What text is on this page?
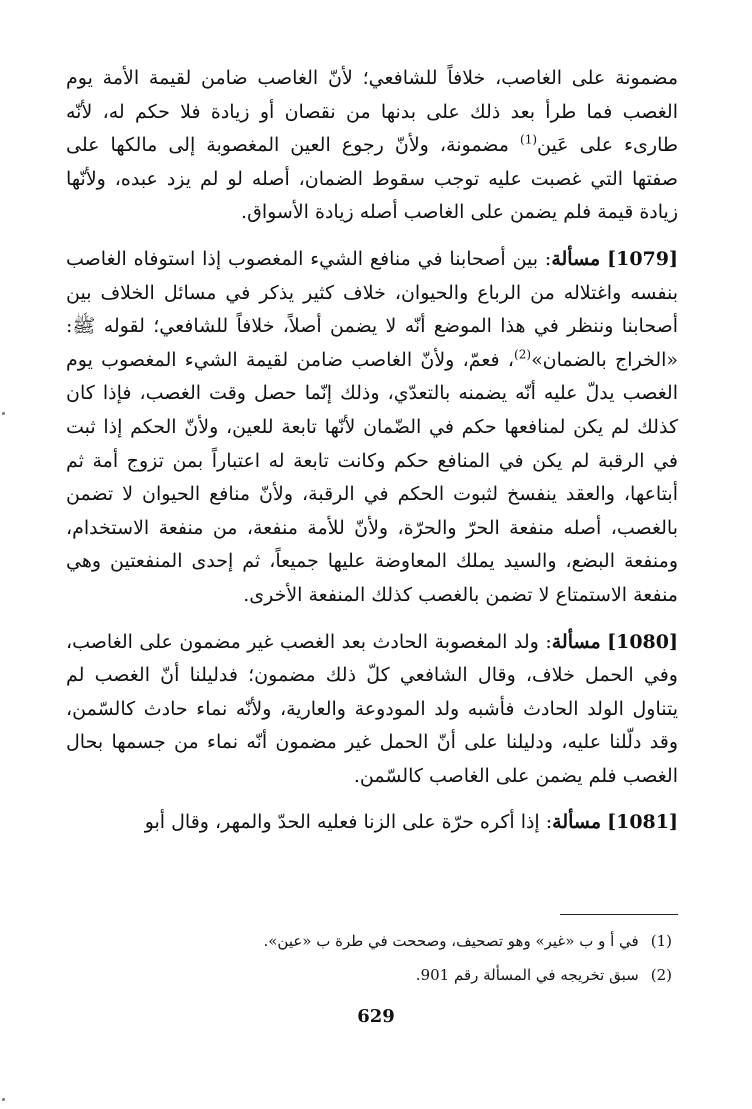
مضمونة على الغاصب، خلافاً للشافعي؛ لأنّ الغاصب ضامن لقيمة الأمة يوم الغصب فما طرأ بعد ذلك على بدنها من نقصان أو زيادة فلا حكم له، لأنّه طارىء على عَين$^{(1)}$ مضمونة، ولأنّ رجوع العين المغصوبة إلى مالكها على صفتها التي غصبت عليه توجب سقوط الضمان، أصله لو لم يزد عبده، ولأنّها زيادة قيمة فلم يضمن على الغاصب أصله زيادة الأسواق.

[1079] مسألة: بين أصحابنا في منافع الشيء المغصوب إذا استوفاه الغاصب بنفسه واغتلاله من الرباع والحيوان، خلاف كثير يذكر في مسائل الخلاف بين أصحابنا وننظر في هذا الموضع أنّه لا يضمن أصلاً، خلافاً للشافعي؛ لقوله ﷺ: «الخراج بالضمان»$^{(2)}$، فعمّ، ولأنّ الغاصب ضامن لقيمة الشيء المغصوب يوم الغصب يدلّ عليه أنّه يضمنه بالتعدّي، وذلك إنّما حصل وقت الغصب، فإذا كان كذلك لم يكن لمنافعها حكم في الضّمان لأنّها تابعة للعين، ولأنّ الحكم إذا ثبت في الرقبة لم يكن في المنافع حكم وكانت تابعة له اعتباراً بمن تزوج أمة ثم أبتاعها، والعقد ينفسخ لثبوت الحكم في الرقبة، ولأنّ منافع الحيوان لا تضمن بالغصب، أصله منفعة الحرّ والحرّة، ولأنّ للأمة منفعة، من منفعة الاستخدام، ومنفعة البضع، والسيد يملك المعاوضة عليها جميعاً، ثم إحدى المنفعتين وهي منفعة الاستمتاع لا تضمن بالغصب كذلك المنفعة الأخرى.

[1080] مسألة: ولد المغصوبة الحادث بعد الغصب غير مضمون على الغاصب، وفي الحمل خلاف، وقال الشافعي كلّ ذلك مضمون؛ فدليلنا أنّ الغصب لم يتناول الولد الحادث فأشبه ولد المودوعة والعارية، ولأنّه نماء حادث كالسّمن، وقد دلّلنا عليه، ودليلنا على أنّ الحمل غير مضمون أنّه نماء من جسمها بحال الغصب فلم يضمن على الغاصب كالسّمن.

[1081] مسألة: إذا أكره حرّة على الزنا فعليه الحدّ والمهر، وقال أبو

(1)في أ و ب «غير» وهو تصحيف، وصححت في طرة ب «عين».

(2)سبق تخريجه في المسألة رقم 901.

629
